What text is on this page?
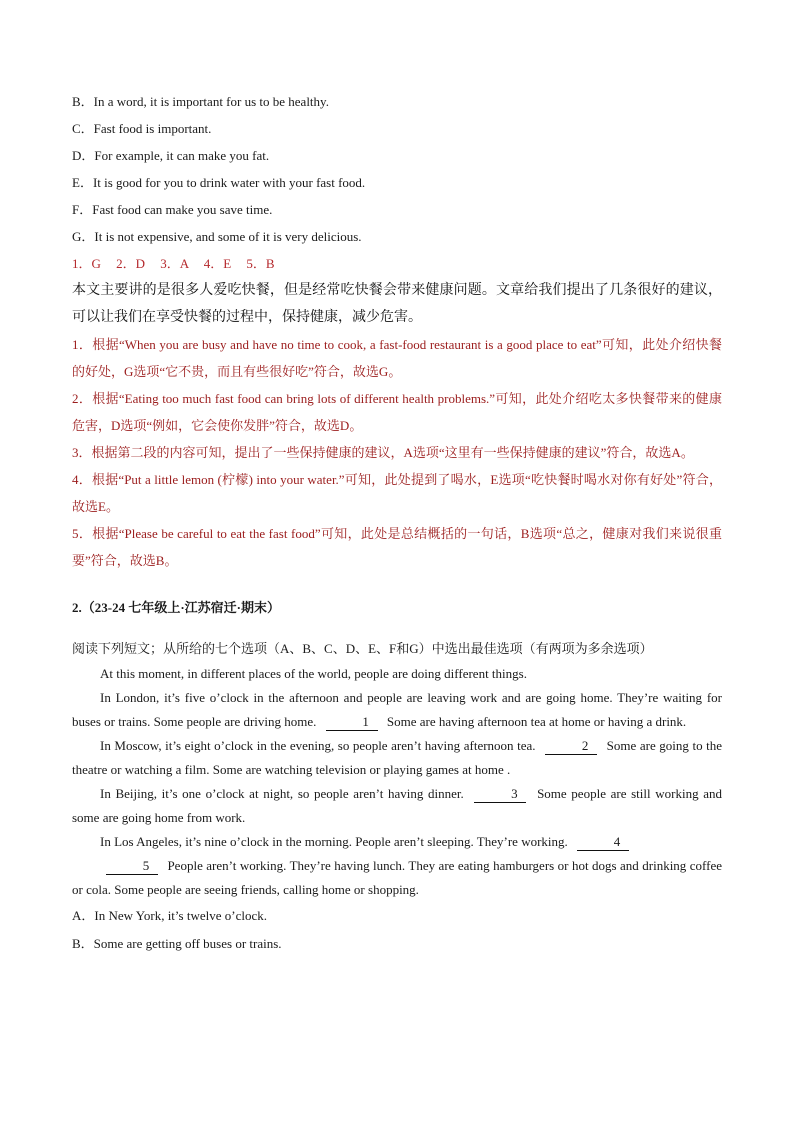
B．In a word, it is important for us to be healthy.
C．Fast food is important.
D．For example, it can make you fat.
E．It is good for you to drink water with your fast food.
F．Fast food can make you save time.
G．It is not expensive, and some of it is very delicious.
1．G 2．D 3．A 4．E 5．B
本文主要讲的是很多人爱吃快餐，但是经常吃快餐会带来健康问题。文章给我们提出了几条很好的建议，可以让我们在享受快餐的过程中，保持健康，减少危害。
1．根据“When you are busy and have no time to cook, a fast-food restaurant is a good place to eat”可知，此处介绍快餐的好处，G选项“它不贵，而且有些很好吃”符合，故选G。
2．根据“Eating too much fast food can bring lots of different health problems.”可知，此处介绍吃太多快餐带来的健康危害，D选项“例如，它会使你发胖”符合，故选D。
3．根据第二段的内容可知，提出了一些保持健康的建议，A选项“这里有一些保持健康的建议”符合，故选A。
4．根据“Put a little lemon (柠檬) into your water.”可知，此处提到了喝水，E选项“吃快餐时喝水对你有好处”符合，故选E。
5．根据“Please be careful to eat the fast food”可知，此处是总结概括的一句话，B选项“总之，健康对我们来说很重要”符合，故选B。
2.（23-24 七年级上·江苏宿迁·期末）
阅读下列短文；从所给的七个选项（A、B、C、D、E、F和G）中选出最佳选项（有两项为多余选项）
At this moment, in different places of the world, people are doing different things.
In London, it’s five o’clock in the afternoon and people are leaving work and are going home. They’re waiting for buses or trains. Some people are driving home.	1 Some are having afternoon tea at home or having a drink.
In Moscow, it’s eight o’clock in the evening, so people aren’t having afternoon tea.	2 Some are going to the theatre or watching a film. Some are watching television or playing games at home .
In Beijing, it’s one o’clock at night, so people aren’t having dinner.	3 Some people are still working and some are going home from work.
In Los Angeles, it’s nine o’clock in the morning. People aren’t sleeping. They’re working.	4
5 People aren’t working. They’re having lunch. They are eating hamburgers or hot dogs and drinking coffee or cola. Some people are seeing friends, calling home or shopping.
A．In New York, it’s twelve o’clock.
B．Some are getting off buses or trains.
